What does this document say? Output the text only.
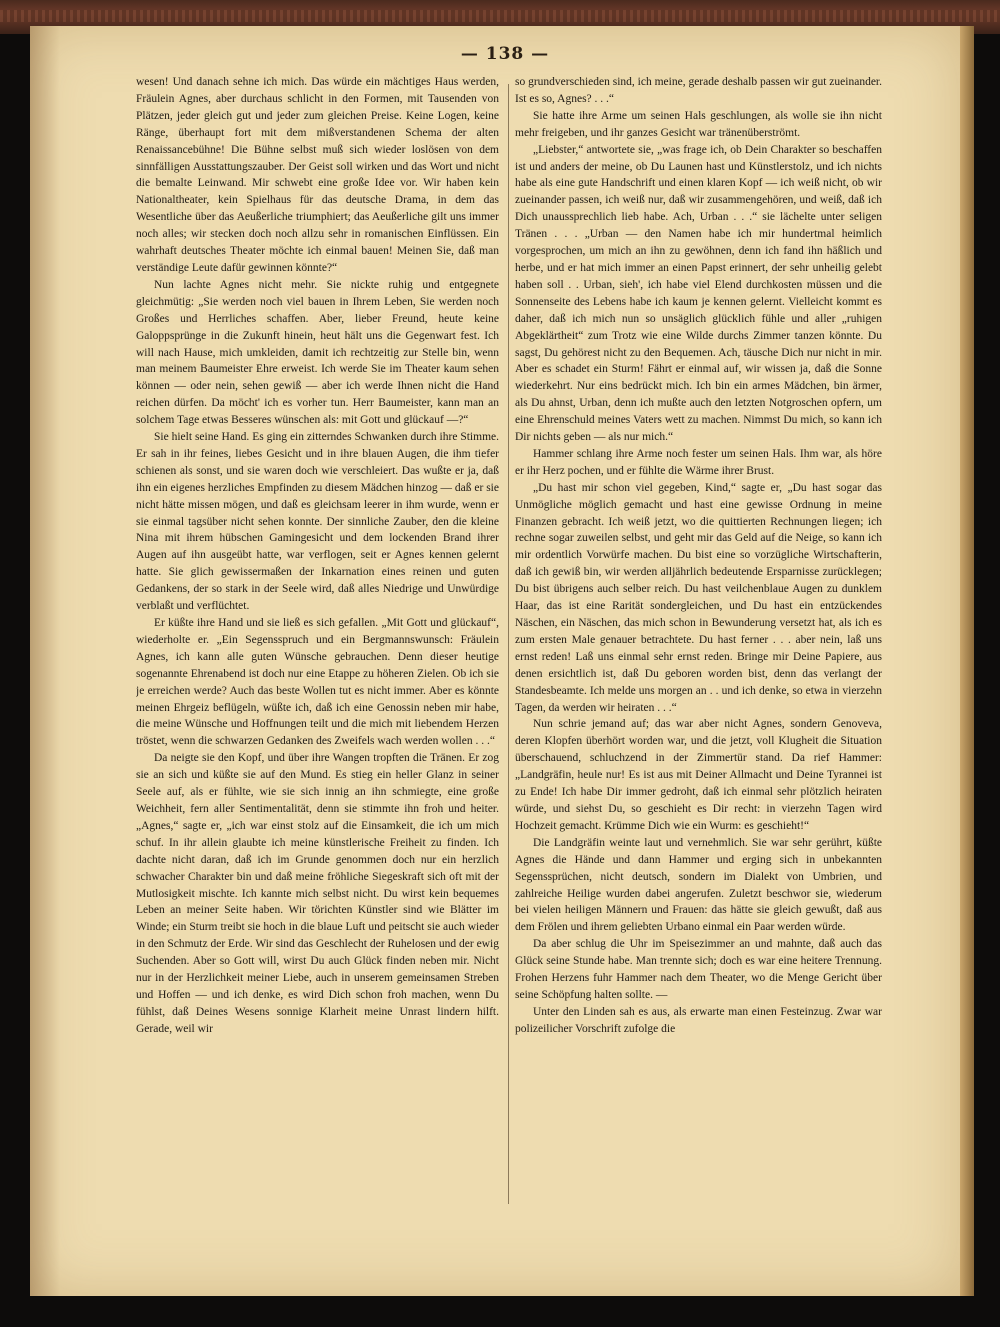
— 138 —

wesen! Und danach sehne ich mich. Das würde ein mächtiges Haus werden, Fräulein Agnes, aber durchaus schlicht in den Formen, mit Tausenden von Plätzen, jeder gleich gut und jeder zum gleichen Preise. Keine Logen, keine Ränge, überhaupt fort mit dem mißverstandenen Schema der alten Renaissancebühne! Die Bühne selbst muß sich wieder loslösen von dem sinnfälligen Ausstattungszauber. Der Geist soll wirken und das Wort und nicht die bemalte Leinwand. Mir schwebt eine große Idee vor. Wir haben kein Nationaltheater, kein Spielhaus für das deutsche Drama, in dem das Wesentliche über das Aeußerliche triumphiert; das Aeußerliche gilt uns immer noch alles; wir stecken doch noch allzu sehr in romanischen Einflüssen. Ein wahrhaft deutsches Theater möchte ich einmal bauen! Meinen Sie, daß man verständige Leute dafür gewinnen könnte?“

Nun lachte Agnes nicht mehr. Sie nickte ruhig und entgegnete gleichmütig: „Sie werden noch viel bauen in Ihrem Leben, Sie werden noch Großes und Herrliches schaffen. Aber, lieber Freund, heute keine Galoppsprünge in die Zukunft hinein, heut hält uns die Gegenwart fest. Ich will nach Hause, mich umkleiden, damit ich rechtzeitig zur Stelle bin, wenn man meinem Baumeister Ehre erweist. Ich werde Sie im Theater kaum sehen können — oder nein, sehen gewiß — aber ich werde Ihnen nicht die Hand reichen dürfen. Da möcht' ich es vorher tun. Herr Baumeister, kann man an solchem Tage etwas Besseres wünschen als: mit Gott und glückauf —?“

Sie hielt seine Hand. Es ging ein zitterndes Schwanken durch ihre Stimme. Er sah in ihr feines, liebes Gesicht und in ihre blauen Augen, die ihm tiefer schienen als sonst, und sie waren doch wie verschleiert. Das wußte er ja, daß ihn ein eigenes herzliches Empfinden zu diesem Mädchen hinzog — daß er sie nicht hätte missen mögen, und daß es gleichsam leerer in ihm wurde, wenn er sie einmal tagsüber nicht sehen konnte. Der sinnliche Zauber, den die kleine Nina mit ihrem hübschen Gamingesicht und dem lockenden Brand ihrer Augen auf ihn ausgeübt hatte, war verflogen, seit er Agnes kennen gelernt hatte. Sie glich gewissermaßen der Inkarnation eines reinen und guten Gedankens, der so stark in der Seele wird, daß alles Niedrige und Unwürdige verblaßt und verflüchtet.

Er küßte ihre Hand und sie ließ es sich gefallen. „Mit Gott und glückauf“, wiederholte er. „Ein Segensspruch und ein Bergmannswunsch: Fräulein Agnes, ich kann alle guten Wünsche gebrauchen. Denn dieser heutige sogenannte Ehrenabend ist doch nur eine Etappe zu höheren Zielen. Ob ich sie je erreichen werde? Auch das beste Wollen tut es nicht immer. Aber es könnte meinen Ehrgeiz beflügeln, wüßte ich, daß ich eine Genossin neben mir habe, die meine Wünsche und Hoffnungen teilt und die mich mit liebendem Herzen tröstet, wenn die schwarzen Gedanken des Zweifels wach werden wollen . . .“

Da neigte sie den Kopf, und über ihre Wangen tropften die Tränen. Er zog sie an sich und küßte sie auf den Mund. Es stieg ein heller Glanz in seiner Seele auf, als er fühlte, wie sie sich innig an ihn schmiegte, eine große Weichheit, fern aller Sentimentalität, denn sie stimmte ihn froh und heiter. „Agnes,“ sagte er, „ich war einst stolz auf die Einsamkeit, die ich um mich schuf. In ihr allein glaubte ich meine künstlerische Freiheit zu finden. Ich dachte nicht daran, daß ich im Grunde genommen doch nur ein herzlich schwacher Charakter bin und daß meine fröhliche Siegeskraft sich oft mit der Mutlosigkeit mischte. Ich kannte mich selbst nicht. Du wirst kein bequemes Leben an meiner Seite haben. Wir törichten Künstler sind wie Blätter im Winde; ein Sturm treibt sie hoch in die blaue Luft und peitscht sie auch wieder in den Schmutz der Erde. Wir sind das Geschlecht der Ruhelosen und der ewig Suchenden. Aber so Gott will, wirst Du auch Glück finden neben mir. Nicht nur in der Herzlichkeit meiner Liebe, auch in unserem gemeinsamen Streben und Hoffen — und ich denke, es wird Dich schon froh machen, wenn Du fühlst, daß Deines Wesens sonnige Klarheit meine Unrast lindern hilft. Gerade, weil wir

so grundverschieden sind, ich meine, gerade deshalb passen wir gut zueinander. Ist es so, Agnes? . . .“

Sie hatte ihre Arme um seinen Hals geschlungen, als wolle sie ihn nicht mehr freigeben, und ihr ganzes Gesicht war tränenüberströmt.

„Liebster,“ antwortete sie, „was frage ich, ob Dein Charakter so beschaffen ist und anders der meine, ob Du Launen hast und Künstlerstolz, und ich nichts habe als eine gute Handschrift und einen klaren Kopf — ich weiß nicht, ob wir zueinander passen, ich weiß nur, daß wir zusammengehören, und weiß, daß ich Dich unaussprechlich lieb habe. Ach, Urban . . .“ sie lächelte unter seligen Tränen . . . „Urban — den Namen habe ich mir hundertmal heimlich vorgesprochen, um mich an ihn zu gewöhnen, denn ich fand ihn häßlich und herbe, und er hat mich immer an einen Papst erinnert, der sehr unheilig gelebt haben soll . . Urban, sieh', ich habe viel Elend durchkosten müssen und die Sonnenseite des Lebens habe ich kaum je kennen gelernt. Vielleicht kommt es daher, daß ich mich nun so unsäglich glücklich fühle und aller „ruhigen Abgeklärtheit“ zum Trotz wie eine Wilde durchs Zimmer tanzen könnte. Du sagst, Du gehörest nicht zu den Bequemen. Ach, täusche Dich nur nicht in mir. Aber es schadet ein Sturm! Fährt er einmal auf, wir wissen ja, daß die Sonne wiederkehrt. Nur eins bedrückt mich. Ich bin ein armes Mädchen, bin ärmer, als Du ahnst, Urban, denn ich mußte auch den letzten Notgroschen opfern, um eine Ehrenschuld meines Vaters wett zu machen. Nimmst Du mich, so kann ich Dir nichts geben — als nur mich.“

Hammer schlang ihre Arme noch fester um seinen Hals. Ihm war, als höre er ihr Herz pochen, und er fühlte die Wärme ihrer Brust.

„Du hast mir schon viel gegeben, Kind,“ sagte er, „Du hast sogar das Unmögliche möglich gemacht und hast eine gewisse Ordnung in meine Finanzen gebracht. Ich weiß jetzt, wo die quittierten Rechnungen liegen; ich rechne sogar zuweilen selbst, und geht mir das Geld auf die Neige, so kann ich mir ordentlich Vorwürfe machen. Du bist eine so vorzügliche Wirtschafterin, daß ich gewiß bin, wir werden alljährlich bedeutende Ersparnisse zurücklegen; Du bist übrigens auch selber reich. Du hast veilchenblaue Augen zu dunklem Haar, das ist eine Rarität sondergleichen, und Du hast ein entzückendes Näschen, ein Näschen, das mich schon in Bewunderung versetzt hat, als ich es zum ersten Male genauer betrachtete. Du hast ferner . . . aber nein, laß uns ernst reden! Laß uns einmal sehr ernst reden. Bringe mir Deine Papiere, aus denen ersichtlich ist, daß Du geboren worden bist, denn das verlangt der Standesbeamte. Ich melde uns morgen an . . und ich denke, so etwa in vierzehn Tagen, da werden wir heiraten . . .“

Nun schrie jemand auf; das war aber nicht Agnes, sondern Genoveva, deren Klopfen überhört worden war, und die jetzt, voll Klugheit die Situation überschauend, schluchzend in der Zimmertür stand. Da rief Hammer: „Landgräfin, heule nur! Es ist aus mit Deiner Allmacht und Deine Tyrannei ist zu Ende! Ich habe Dir immer gedroht, daß ich einmal sehr plötzlich heiraten würde, und siehst Du, so geschieht es Dir recht: in vierzehn Tagen wird Hochzeit gemacht. Krümme Dich wie ein Wurm: es geschieht!“

Die Landgräfin weinte laut und vernehmlich. Sie war sehr gerührt, küßte Agnes die Hände und dann Hammer und erging sich in unbekannten Segenssprüchen, nicht deutsch, sondern im Dialekt von Umbrien, und zahlreiche Heilige wurden dabei angerufen. Zuletzt beschwor sie, wiederum bei vielen heiligen Männern und Frauen: das hätte sie gleich gewußt, daß aus dem Frölen und ihrem geliebten Urbano einmal ein Paar werden würde.

Da aber schlug die Uhr im Speisezimmer an und mahnte, daß auch das Glück seine Stunde habe. Man trennte sich; doch es war eine heitere Trennung. Frohen Herzens fuhr Hammer nach dem Theater, wo die Menge Gericht über seine Schöpfung halten sollte. —

Unter den Linden sah es aus, als erwarte man einen Festeinzug. Zwar war polizeilicher Vorschrift zufolge die
